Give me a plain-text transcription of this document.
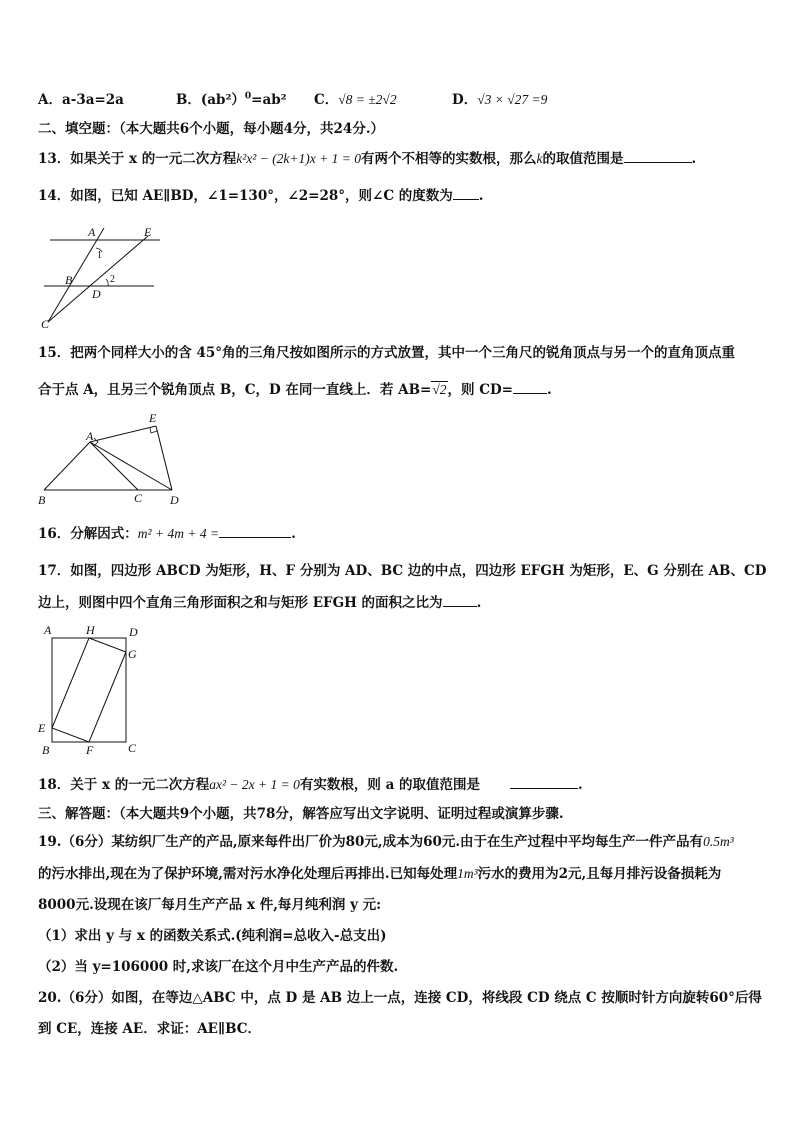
A．a-3a=2a	B．(ab²）$^0$=ab² C．√8 = ±2√2	D．√3 × √27 =9
二、填空题：（本大题共6个小题，每小题4分，共24分.）
13．如果关于 x 的一元二次方程k²x² − (2k+1)x + 1 = 0有两个不相等的实数根，那么k的取值范围是	.
14．如图，已知 AE∥BD，∠1=130°，∠2=28°，则∠C 的度数为 .
A	E
1
B	2
D
C
15．把两个同样大小的含 45°角的三角尺按如图所示的方式放置，其中一个三角尺的锐角顶点与另一个的直角顶点重
合于点 A，且另三个锐角顶点 B，C，D 在同一直线上．若 AB=√2，则 CD=	.
A
E
B	C D
16．分解因式：m² + 4m + 4 =	.
17．如图，四边形 ABCD 为矩形，H、F 分别为 AD、BC 边的中点，四边形 EFGH 为矩形，E、G 分别在 AB、CD
边上，则图中四个直角三角形面积之和与矩形 EFGH 的面积之比为	.
A	H	D
G
E
B	F	C
18．关于 x 的一元二次方程ax² − 2x + 1 = 0有实数根，则 a 的取值范围是	.
三、解答题：（本大题共9个小题，共78分，解答应写出文字说明、证明过程或演算步骤.
19.（6分）某纺织厂生产的产品,原来每件出厂价为80元,成本为60元.由于在生产过程中平均每生产一件产品有0.5m³
的污水排出,现在为了保护环境,需对污水净化处理后再排出.已知每处理1m³污水的费用为2元,且每月排污设备损耗为
8000元.设现在该厂每月生产产品 x 件,每月纯利润 y 元:
（1）求出 y 与 x 的函数关系式.(纯利润=总收入-总支出)
（2）当 y=106000 时,求该厂在这个月中生产产品的件数.
20.（6分）如图，在等边△ABC 中，点 D 是 AB 边上一点，连接 CD，将线段 CD 绕点 C 按顺时针方向旋转60°后得
到 CE，连接 AE．求证：AE∥BC．
